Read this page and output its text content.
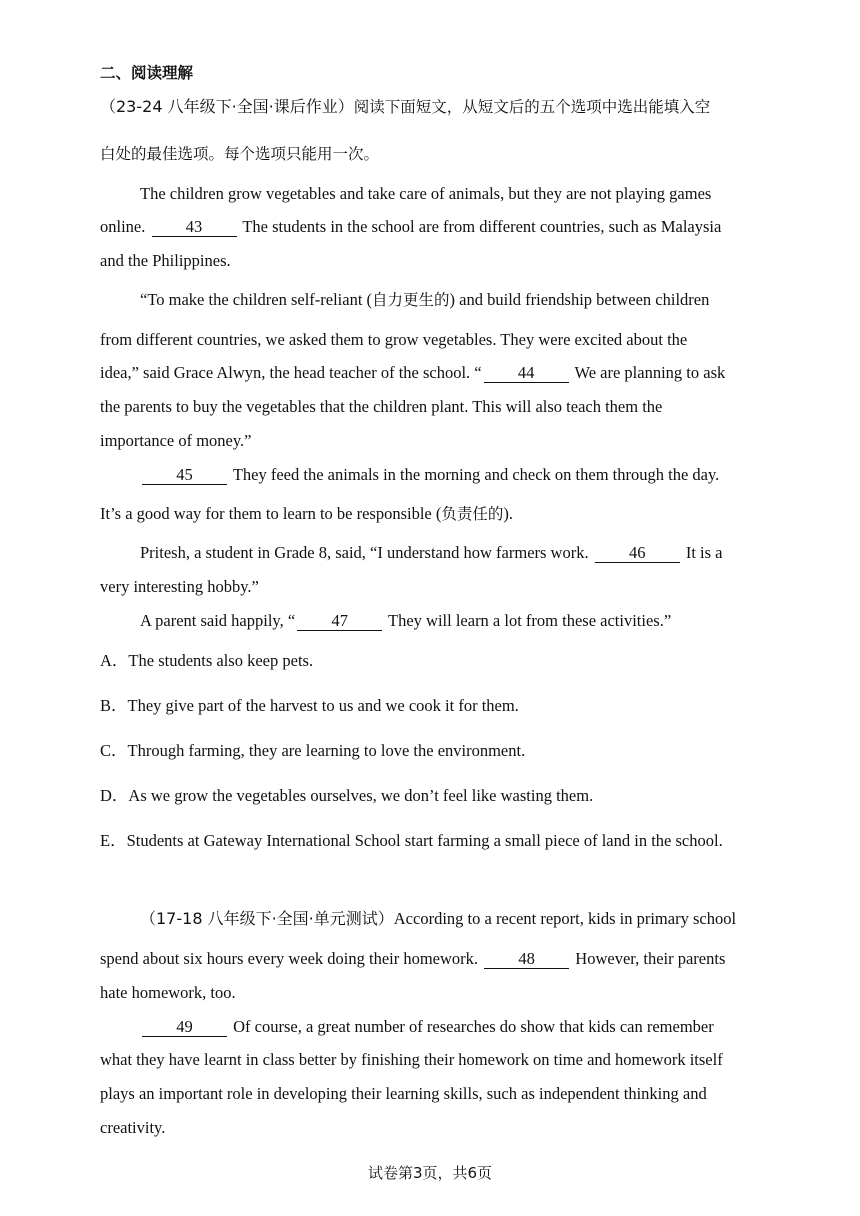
二、阅读理解
（23-24 八年级下·全国·课后作业）阅读下面短文，从短文后的五个选项中选出能填入空
白处的最佳选项。每个选项只能用一次。
The children grow vegetables and take care of animals, but they are not playing games
online. 43 The students in the school are from different countries, such as Malaysia
and the Philippines.
“To make the children self-reliant (自力更生的) and build friendship between children
from different countries, we asked them to grow vegetables. They were excited about the
idea,” said Grace Alwyn, the head teacher of the school. “ 44 We are planning to ask
the parents to buy the vegetables that the children plant. This will also teach them the
importance of money.”
45 They feed the animals in the morning and check on them through the day.
It’s a good way for them to learn to be responsible (负责任的).
Pritesh, a student in Grade 8, said, “I understand how farmers work. 46 It is a
very interesting hobby.”
A parent said happily, “ 47 They will learn a lot from these activities.”
A．The students also keep pets.
B．They give part of the harvest to us and we cook it for them.
C．Through farming, they are learning to love the environment.
D．As we grow the vegetables ourselves, we don’t feel like wasting them.
E．Students at Gateway International School start farming a small piece of land in the school.
（17-18 八年级下·全国·单元测试）According to a recent report, kids in primary school
spend about six hours every week doing their homework. 48 However, their parents
hate homework, too.
49 Of course, a great number of researches do show that kids can remember
what they have learnt in class better by finishing their homework on time and homework itself
plays an important role in developing their learning skills, such as independent thinking and
creativity.
试卷第3页，共6页
